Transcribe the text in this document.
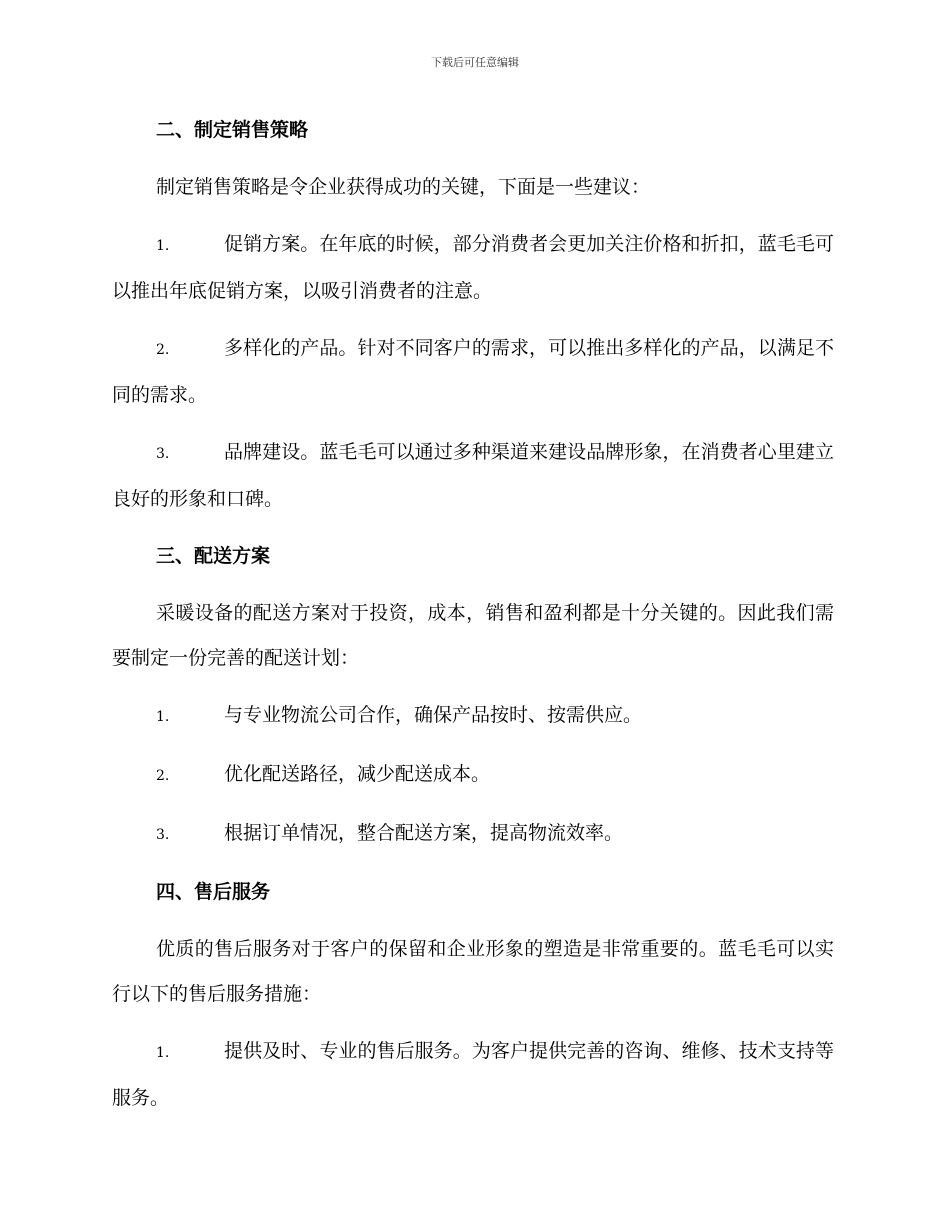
下载后可任意编辑

二、制定销售策略

制定销售策略是令企业获得成功的关键，下面是一些建议：

1.	促销方案。在年底的时候，部分消费者会更加关注价格和折扣，蓝毛毛可以推出年底促销方案，以吸引消费者的注意。

2.	多样化的产品。针对不同客户的需求，可以推出多样化的产品，以满足不同的需求。

3.	品牌建设。蓝毛毛可以通过多种渠道来建设品牌形象，在消费者心里建立良好的形象和口碑。

三、配送方案

采暖设备的配送方案对于投资，成本，销售和盈利都是十分关键的。因此我们需要制定一份完善的配送计划：

1.	与专业物流公司合作，确保产品按时、按需供应。

2.	优化配送路径，减少配送成本。

3.	根据订单情况，整合配送方案，提高物流效率。

四、售后服务

优质的售后服务对于客户的保留和企业形象的塑造是非常重要的。蓝毛毛可以实行以下的售后服务措施：

1.	提供及时、专业的售后服务。为客户提供完善的咨询、维修、技术支持等服务。
